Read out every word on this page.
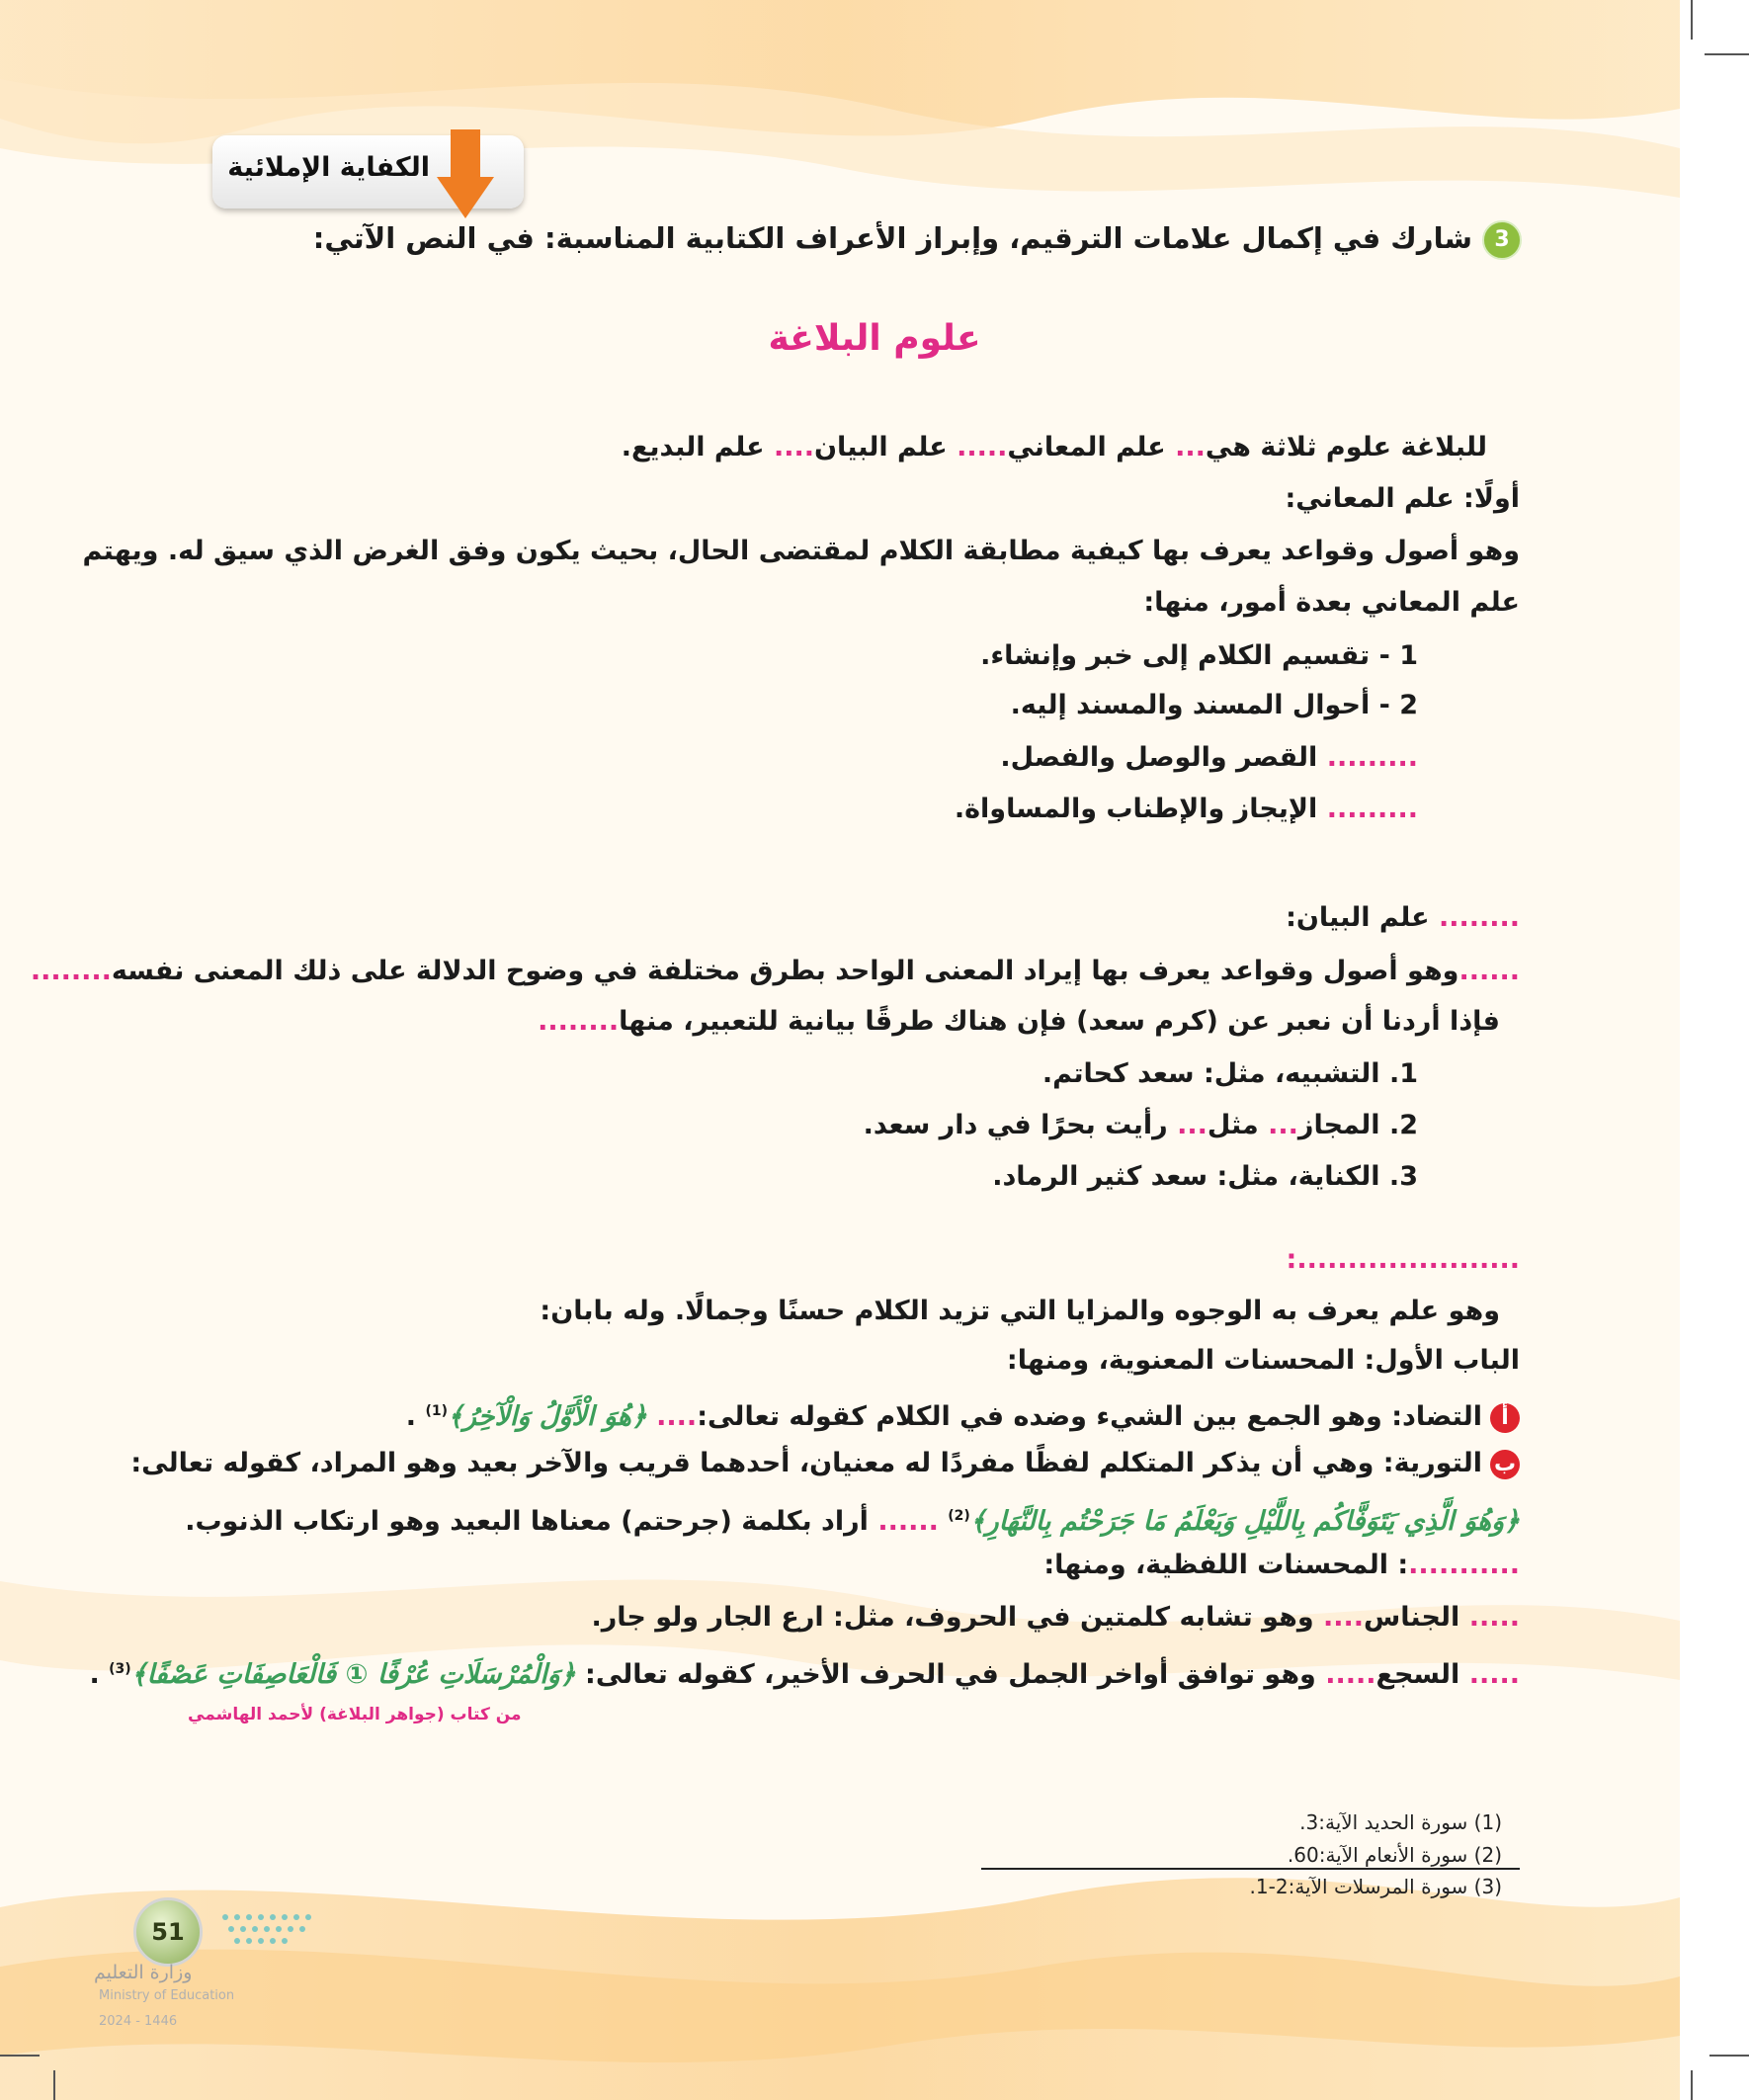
الكفاية الإملائية
3شارك في إكمال علامات الترقيم، وإبراز الأعراف الكتابية المناسبة: في النص الآتي:
علوم البلاغة
للبلاغة علوم ثلاثة هي... علم المعاني..... علم البيان.... علم البديع.
أولًا: علم المعاني:
وهو أصول وقواعد يعرف بها كيفية مطابقة الكلام لمقتضى الحال، بحيث يكون وفق الغرض الذي سيق له. ويهتم
علم المعاني بعدة أمور، منها:
1 - تقسيم الكلام إلى خبر وإنشاء.
2 - أحوال المسند والمسند إليه.
......... القصر والوصل والفصل.
......... الإيجاز والإطناب والمساواة.
........ علم البيان:
......وهو أصول وقواعد يعرف بها إيراد المعنى الواحد بطرق مختلفة في وضوح الدلالة على ذلك المعنى نفسه........
فإذا أردنا أن نعبر عن (كرم سعد) فإن هناك طرقًا بيانية للتعبير، منها........
1. التشبيه، مثل: سعد كحاتم.
2. المجاز... مثل... رأيت بحرًا في دار سعد.
3. الكناية، مثل: سعد كثير الرماد.
......................:
وهو علم يعرف به الوجوه والمزايا التي تزيد الكلام حسنًا وجمالًا. وله بابان:
الباب الأول: المحسنات المعنوية، ومنها:
أالتضاد: وهو الجمع بين الشيء وضده في الكلام كقوله تعالى:.... ﴿هُوَ الْأَوَّلُ وَالْآخِرُ﴾$^{(1)}$ .
بالتورية: وهي أن يذكر المتكلم لفظًا مفردًا له معنيان، أحدهما قريب والآخر بعيد وهو المراد، كقوله تعالى:
﴿وَهُوَ الَّذِي يَتَوَفَّاكُم بِاللَّيْلِ وَيَعْلَمُ مَا جَرَحْتُم بِالنَّهَارِ﴾$^{(2)}$ ...... أراد بكلمة (جرحتم) معناها البعيد وهو ارتكاب الذنوب.
...........: المحسنات اللفظية، ومنها:
..... الجناس.... وهو تشابه كلمتين في الحروف، مثل: ارع الجار ولو جار.
..... السجع..... وهو توافق أواخر الجمل في الحرف الأخير، كقوله تعالى: ﴿وَالْمُرْسَلَاتِ عُرْفًا ① فَالْعَاصِفَاتِ عَصْفًا﴾$^{(3)}$ .
من كتاب (جواهر البلاغة) لأحمد الهاشمي
(1) سورة الحديد الآية:3.
(2) سورة الأنعام الآية:60.
(3) سورة المرسلات الآية:2-1.
51
وزارة التعليم
Ministry of Education
2024 - 1446
